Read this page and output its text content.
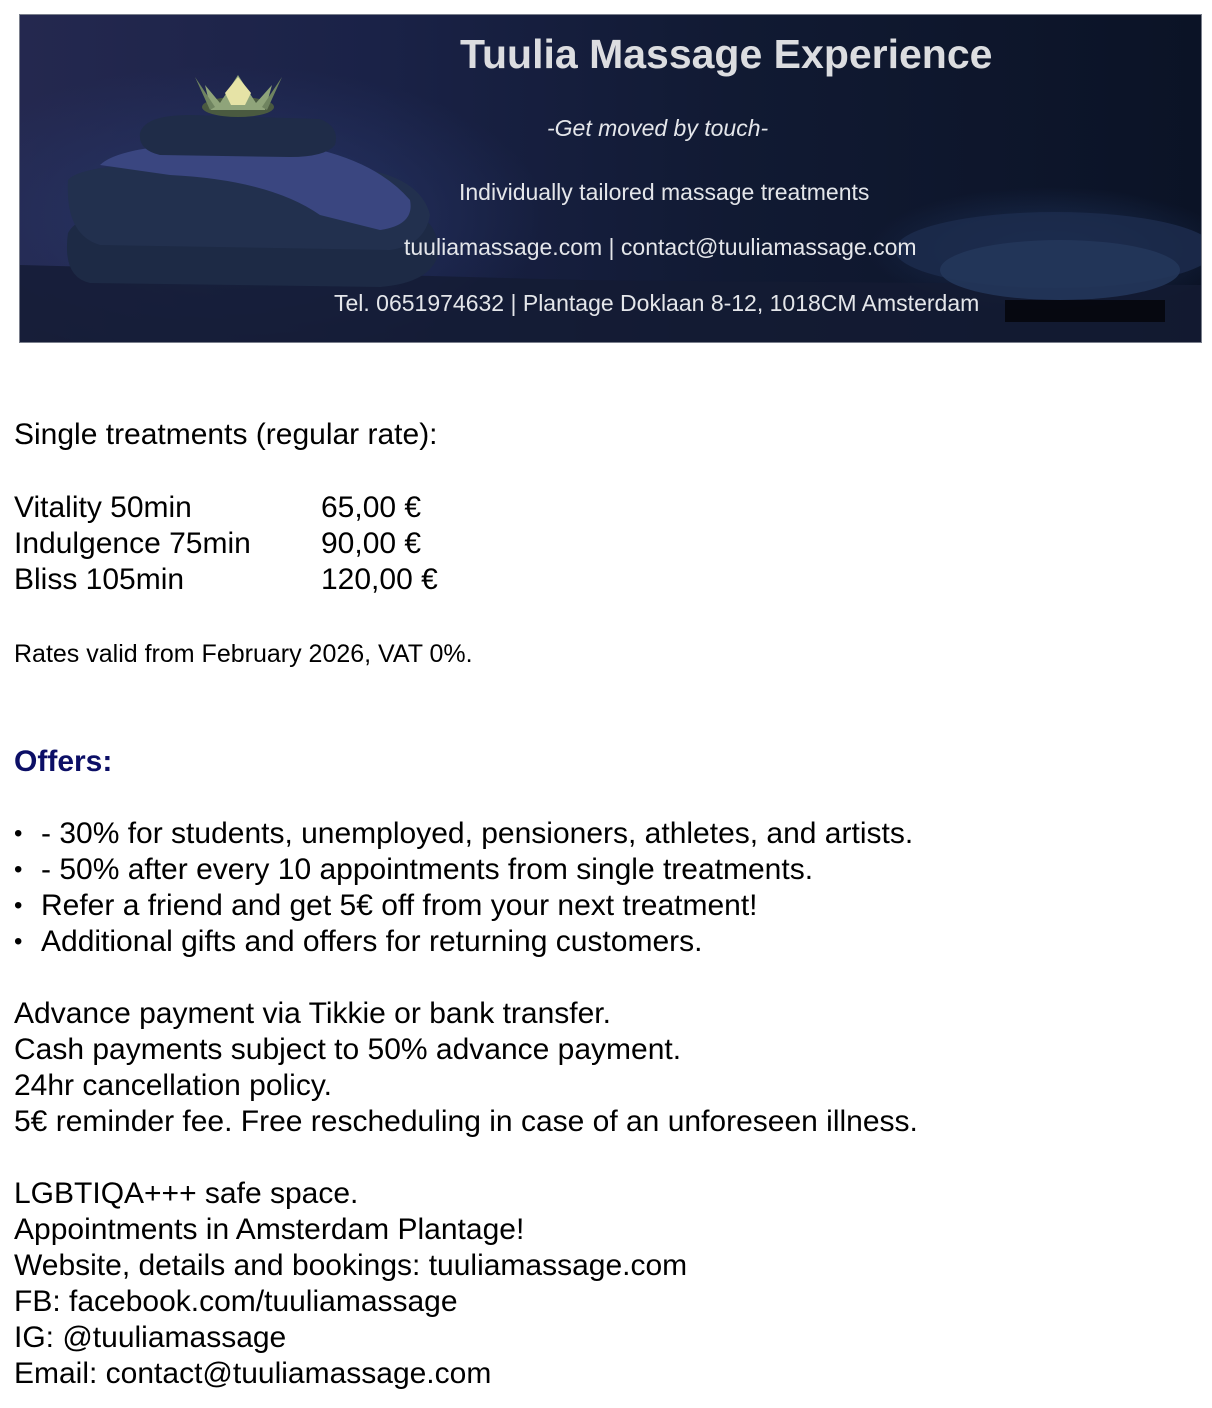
Tuulia Massage Experience
-Get moved by touch-
Individually tailored massage treatments
tuuliamassage.com | contact@tuuliamassage.com
Tel. 0651974632 | Plantage Doklaan 8-12, 1018CM Amsterdam
Single treatments (regular rate):
Vitality 50min	65,00 €
Indulgence 75min	90,00 €
Bliss 105min	120,00 €
Rates valid from February 2026, VAT 0%.
Offers:
• - 30% for students, unemployed, pensioners, athletes, and artists.
• - 50% after every 10 appointments from single treatments.
• Refer a friend and get 5€ off from your next treatment!
• Additional gifts and offers for returning customers.
Advance payment via Tikkie or bank transfer.
Cash payments subject to 50% advance payment.
24hr cancellation policy.
5€ reminder fee. Free rescheduling in case of an unforeseen illness.
LGBTIQA+++ safe space.
Appointments in Amsterdam Plantage!
Website, details and bookings: tuuliamassage.com
FB: facebook.com/tuuliamassage
IG: @tuuliamassage
Email: contact@tuuliamassage.com
